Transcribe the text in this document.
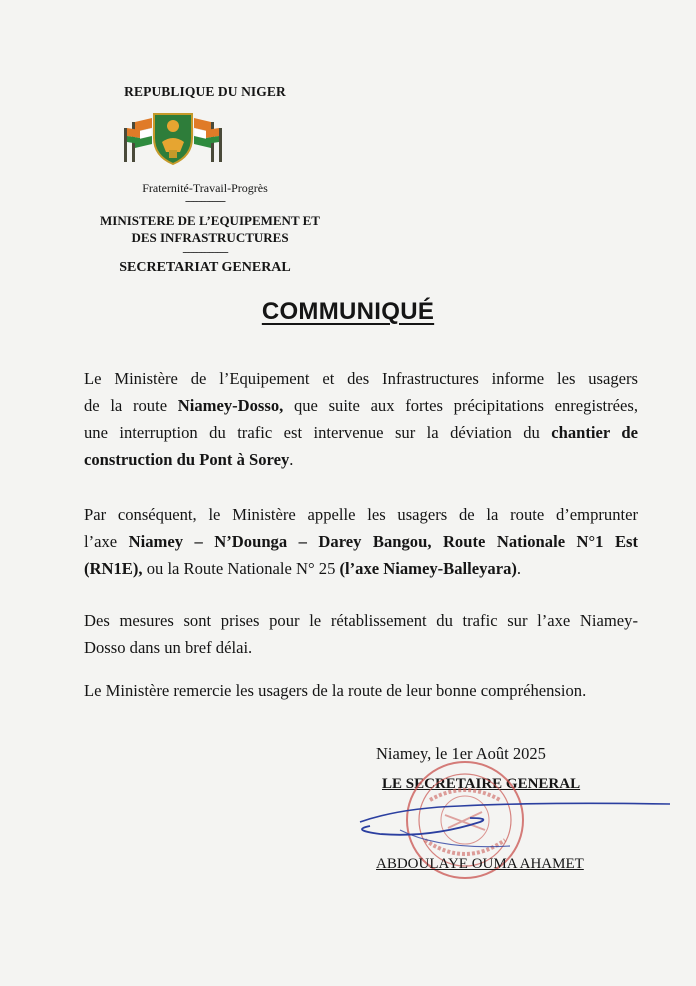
REPUBLIQUE DU NIGER
Fraternité-Travail-Progrès
---------------
MINISTERE DE L’EQUIPEMENT ET
DES INFRASTRUCTURES
-----------------
SECRETARIAT GENERAL
COMMUNIQUÉ
Le Ministère de l’Equipement et des Infrastructures informe les usagers
de la route Niamey-Dosso, que suite aux fortes précipitations enregistrées,
une interruption du trafic est intervenue sur la déviation du chantier de
construction du Pont à Sorey.
Par conséquent, le Ministère appelle les usagers de la route d’emprunter
l’axe Niamey – N’Dounga – Darey Bangou, Route Nationale N°1 Est
(RN1E), ou la Route Nationale N° 25 (l’axe Niamey-Balleyara).
Des mesures sont prises pour le rétablissement du trafic sur l’axe Niamey-
Dosso dans un bref délai.
Le Ministère remercie les usagers de la route de leur bonne compréhension.
Niamey, le 1er Août 2025
LE SECRETAIRE GENERAL
ABDOULAYE OUMA AHAMET
